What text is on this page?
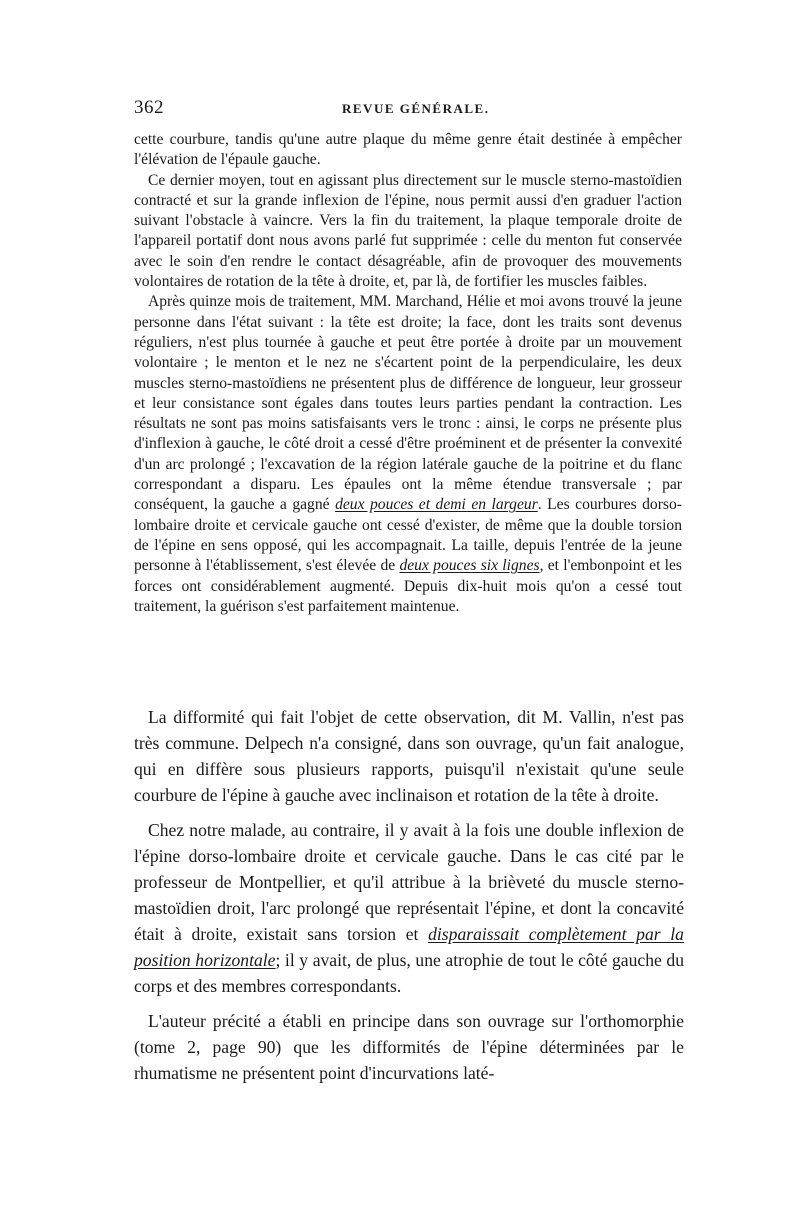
362	REVUE GÉNÉRALE.

cette courbure, tandis qu'une autre plaque du même genre était destinée à empêcher l'élévation de l'épaule gauche.

Ce dernier moyen, tout en agissant plus directement sur le muscle sterno-mastoïdien contracté et sur la grande inflexion de l'épine, nous permit aussi d'en graduer l'action suivant l'obstacle à vaincre. Vers la fin du traitement, la plaque temporale droite de l'appareil portatif dont nous avons parlé fut supprimée : celle du menton fut conservée avec le soin d'en rendre le contact désagréable, afin de provoquer des mouvements volontaires de rotation de la tête à droite, et, par là, de fortifier les muscles faibles.

Après quinze mois de traitement, MM. Marchand, Hélie et moi avons trouvé la jeune personne dans l'état suivant : la tête est droite; la face, dont les traits sont devenus réguliers, n'est plus tournée à gauche et peut être portée à droite par un mouvement volontaire ; le menton et le nez ne s'écartent point de la perpendiculaire, les deux muscles sterno-mastoïdiens ne présentent plus de différence de longueur, leur grosseur et leur consistance sont égales dans toutes leurs parties pendant la contraction. Les résultats ne sont pas moins satisfaisants vers le tronc : ainsi, le corps ne présente plus d'inflexion à gauche, le côté droit a cessé d'être proéminent et de présenter la convexité d'un arc prolongé ; l'excavation de la région latérale gauche de la poitrine et du flanc correspondant a disparu. Les épaules ont la même étendue transversale ; par conséquent, la gauche a gagné deux pouces et demi en largeur. Les courbures dorso-lombaire droite et cervicale gauche ont cessé d'exister, de même que la double torsion de l'épine en sens opposé, qui les accompagnait. La taille, depuis l'entrée de la jeune personne à l'établissement, s'est élevée de deux pouces six lignes, et l'embonpoint et les forces ont considérablement augmenté. Depuis dix-huit mois qu'on a cessé tout traitement, la guérison s'est parfaitement maintenue.

La difformité qui fait l'objet de cette observation, dit M. Vallin, n'est pas très commune. Delpech n'a consigné, dans son ouvrage, qu'un fait analogue, qui en diffère sous plusieurs rapports, puisqu'il n'existait qu'une seule courbure de l'épine à gauche avec inclinaison et rotation de la tête à droite.

Chez notre malade, au contraire, il y avait à la fois une double inflexion de l'épine dorso-lombaire droite et cervicale gauche. Dans le cas cité par le professeur de Montpellier, et qu'il attribue à la brièveté du muscle sterno-mastoïdien droit, l'arc prolongé que représentait l'épine, et dont la concavité était à droite, existait sans torsion et disparaissait complètement par la position horizontale; il y avait, de plus, une atrophie de tout le côté gauche du corps et des membres correspondants.

L'auteur précité a établi en principe dans son ouvrage sur l'orthomorphie (tome 2, page 90) que les difformités de l'épine déterminées par le rhumatisme ne présentent point d'incurvations laté-
